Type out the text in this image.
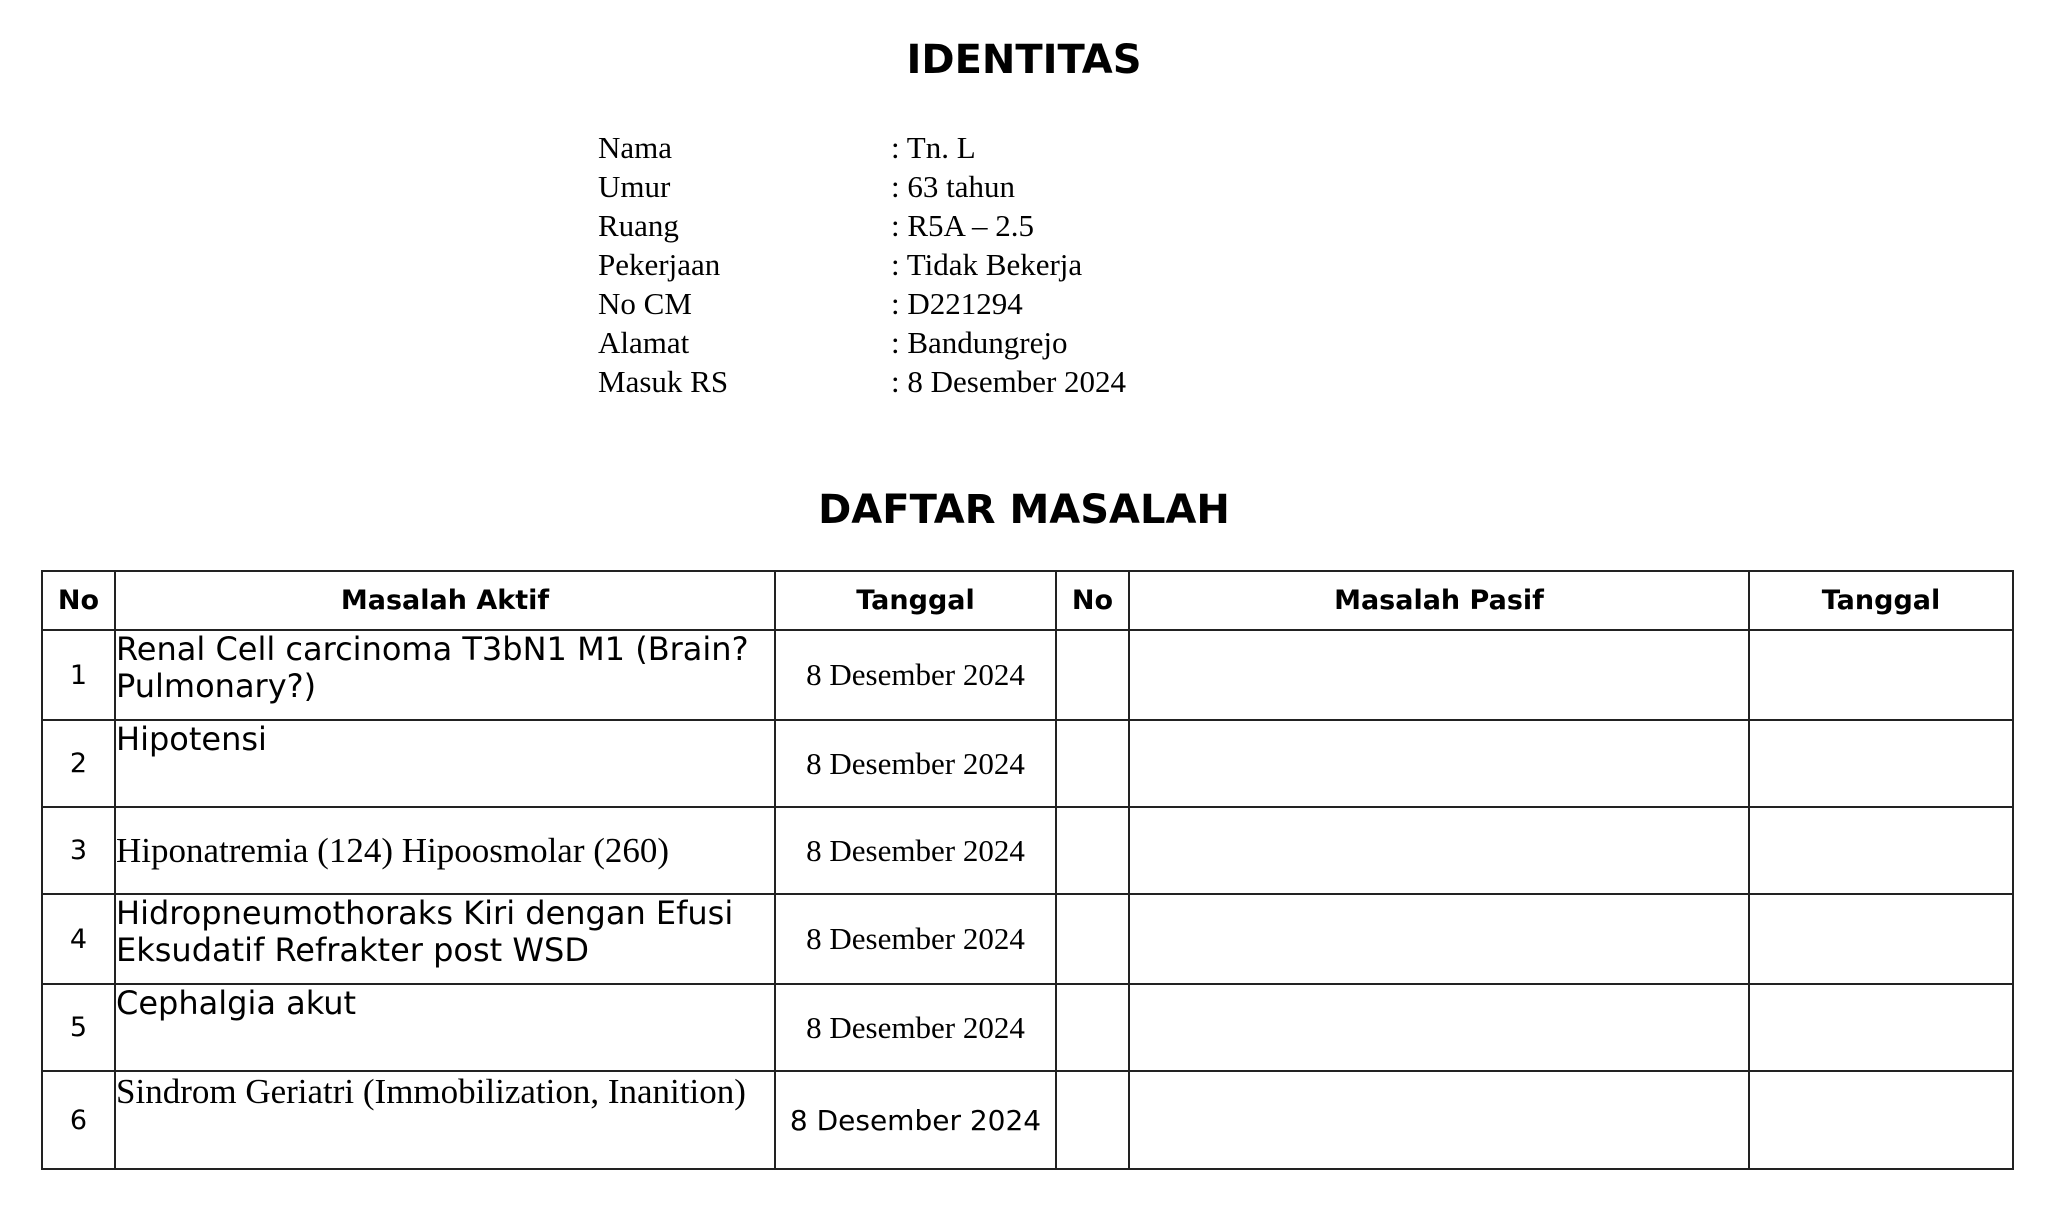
IDENTITAS
Nama	: Tn. L
Umur	: 63 tahun
Ruang	: R5A – 2.5
Pekerjaan	: Tidak Bekerja
No CM	: D221294
Alamat	: Bandungrejo
Masuk RS	: 8 Desember 2024
DAFTAR MASALAH
No	Masalah Aktif	Tanggal	No	Masalah Pasif	Tanggal
1	Renal Cell carcinoma T3bN1 M1 (Brain? Pulmonary?)	8 Desember 2024			
2	Hipotensi	8 Desember 2024			
3	Hiponatremia (124) Hipoosmolar (260)	8 Desember 2024			
4	Hidropneumothoraks Kiri dengan Efusi Eksudatif Refrakter post WSD	8 Desember 2024			
5	Cephalgia akut	8 Desember 2024			
6	Sindrom Geriatri (Immobilization, Inanition)	8 Desember 2024			
